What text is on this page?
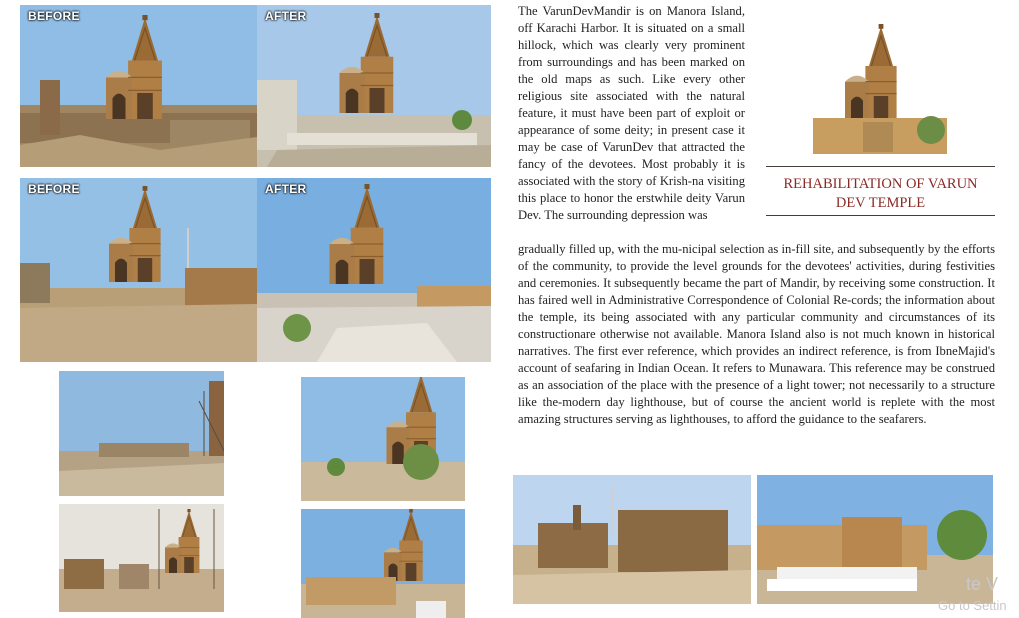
BEFORE	AFTER
BEFORE	AFTER

The VarunDevMandir is on Manora Island, off Karachi Harbor. It is situated on a small hillock, which was clearly very prominent from surroundings and has been marked on the old maps as such. Like every other religious site associated with the natural feature, it must have been part of exploit or appearance of some deity; in present case it may be case of VarunDev that attracted the fancy of the devotees. Most probably it is associated with the story of Krish-na visiting this place to honor the erstwhile deity Varun Dev. The surrounding depression was

REHABILITATION OF VARUN
DEV TEMPLE

gradually filled up, with the mu-nicipal selection as in-fill site, and subsequently by the efforts of the community, to provide the level grounds for the devotees' activities, during festivities and ceremonies. It subsequently became the part of Mandir, by receiving some construction. It has faired well in Administrative Correspondence of Colonial Re-cords; the information about the temple, its being associated with any particular community and circumstances of its constructionare otherwise not available. Manora Island also is not much known in historical narratives. The first ever reference, which provides an indirect reference, is from IbneMajid's account of seafaring in Indian Ocean. It refers to Munawara. This reference may be construed as an association of the place with the presence of a light tower; not necessarily to a structure like the-modern day lighthouse, but of course the ancient world is replete with the most amazing structures serving as lighthouses, to afford the guidance to the seafarers.

te V
Go to Settin
